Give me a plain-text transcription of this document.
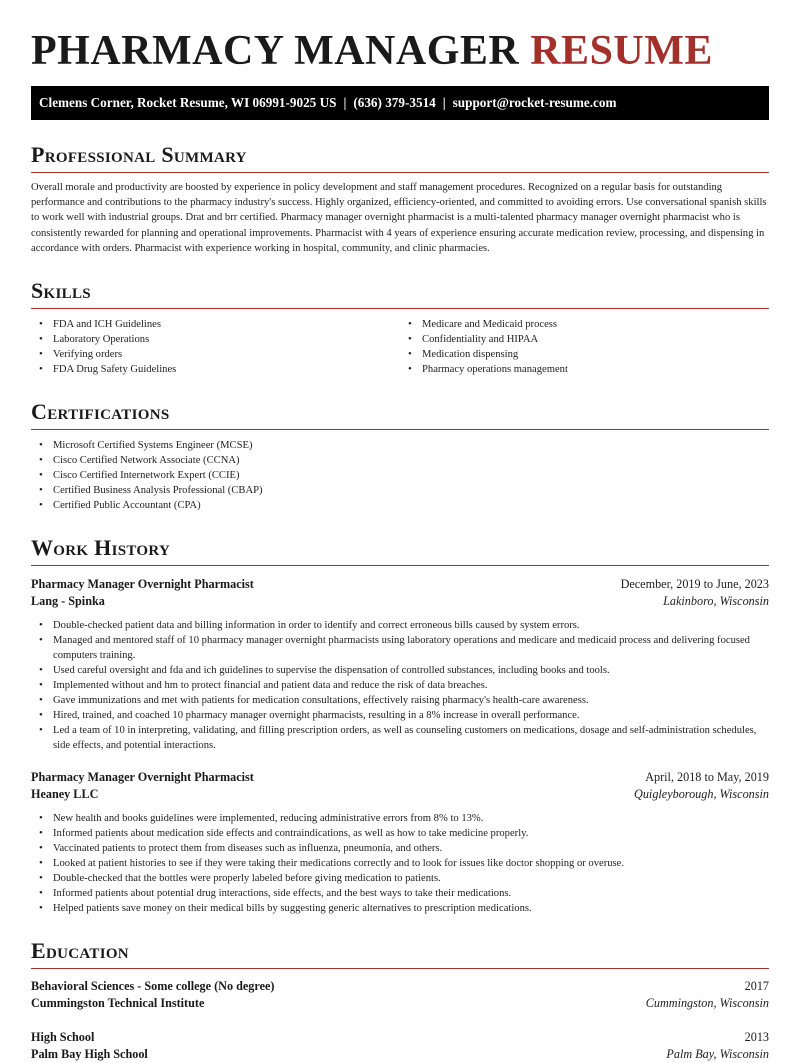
PHARMACY MANAGER RESUME
Clemens Corner, Rocket Resume, WI 06991-9025 US | (636) 379-3514 | support@rocket-resume.com
Professional Summary
Overall morale and productivity are boosted by experience in policy development and staff management procedures. Recognized on a regular basis for outstanding performance and contributions to the pharmacy industry's success. Highly organized, efficiency-oriented, and committed to avoiding errors. Use conversational spanish skills to work well with industrial groups. Drat and brr certified. Pharmacy manager overnight pharmacist is a multi-talented pharmacy manager overnight pharmacist who is consistently rewarded for planning and operational improvements. Pharmacist with 4 years of experience ensuring accurate medication review, processing, and dispensing in accordance with orders. Pharmacist with experience working in hospital, community, and clinic pharmacies.
Skills
• FDA and ICH Guidelines
• Laboratory Operations
• Verifying orders
• FDA Drug Safety Guidelines
• Medicare and Medicaid process
• Confidentiality and HIPAA
• Medication dispensing
• Pharmacy operations management
Certifications
• Microsoft Certified Systems Engineer (MCSE)
• Cisco Certified Network Associate (CCNA)
• Cisco Certified Internetwork Expert (CCIE)
• Certified Business Analysis Professional (CBAP)
• Certified Public Accountant (CPA)
Work History
Pharmacy Manager Overnight Pharmacist	December, 2019 to June, 2023
Lang - Spinka	Lakinboro, Wisconsin
• Double-checked patient data and billing information in order to identify and correct erroneous bills caused by system errors.
• Managed and mentored staff of 10 pharmacy manager overnight pharmacists using laboratory operations and medicare and medicaid process and delivering focused computers training.
• Used careful oversight and fda and ich guidelines to supervise the dispensation of controlled substances, including books and tools.
• Implemented without and hm to protect financial and patient data and reduce the risk of data breaches.
• Gave immunizations and met with patients for medication consultations, effectively raising pharmacy's health-care awareness.
• Hired, trained, and coached 10 pharmacy manager overnight pharmacists, resulting in a 8% increase in overall performance.
• Led a team of 10 in interpreting, validating, and filling prescription orders, as well as counseling customers on medications, dosage and self-administration schedules, side effects, and potential interactions.
Pharmacy Manager Overnight Pharmacist	April, 2018 to May, 2019
Heaney LLC	Quigleyborough, Wisconsin
• New health and books guidelines were implemented, reducing administrative errors from 8% to 13%.
• Informed patients about medication side effects and contraindications, as well as how to take medicine properly.
• Vaccinated patients to protect them from diseases such as influenza, pneumonia, and others.
• Looked at patient histories to see if they were taking their medications correctly and to look for issues like doctor shopping or overuse.
• Double-checked that the bottles were properly labeled before giving medication to patients.
• Informed patients about potential drug interactions, side effects, and the best ways to take their medications.
• Helped patients save money on their medical bills by suggesting generic alternatives to prescription medications.
Education
Behavioral Sciences - Some college (No degree)	2017
Cummingston Technical Institute	Cummingston, Wisconsin
High School	2013
Palm Bay High School	Palm Bay, Wisconsin
